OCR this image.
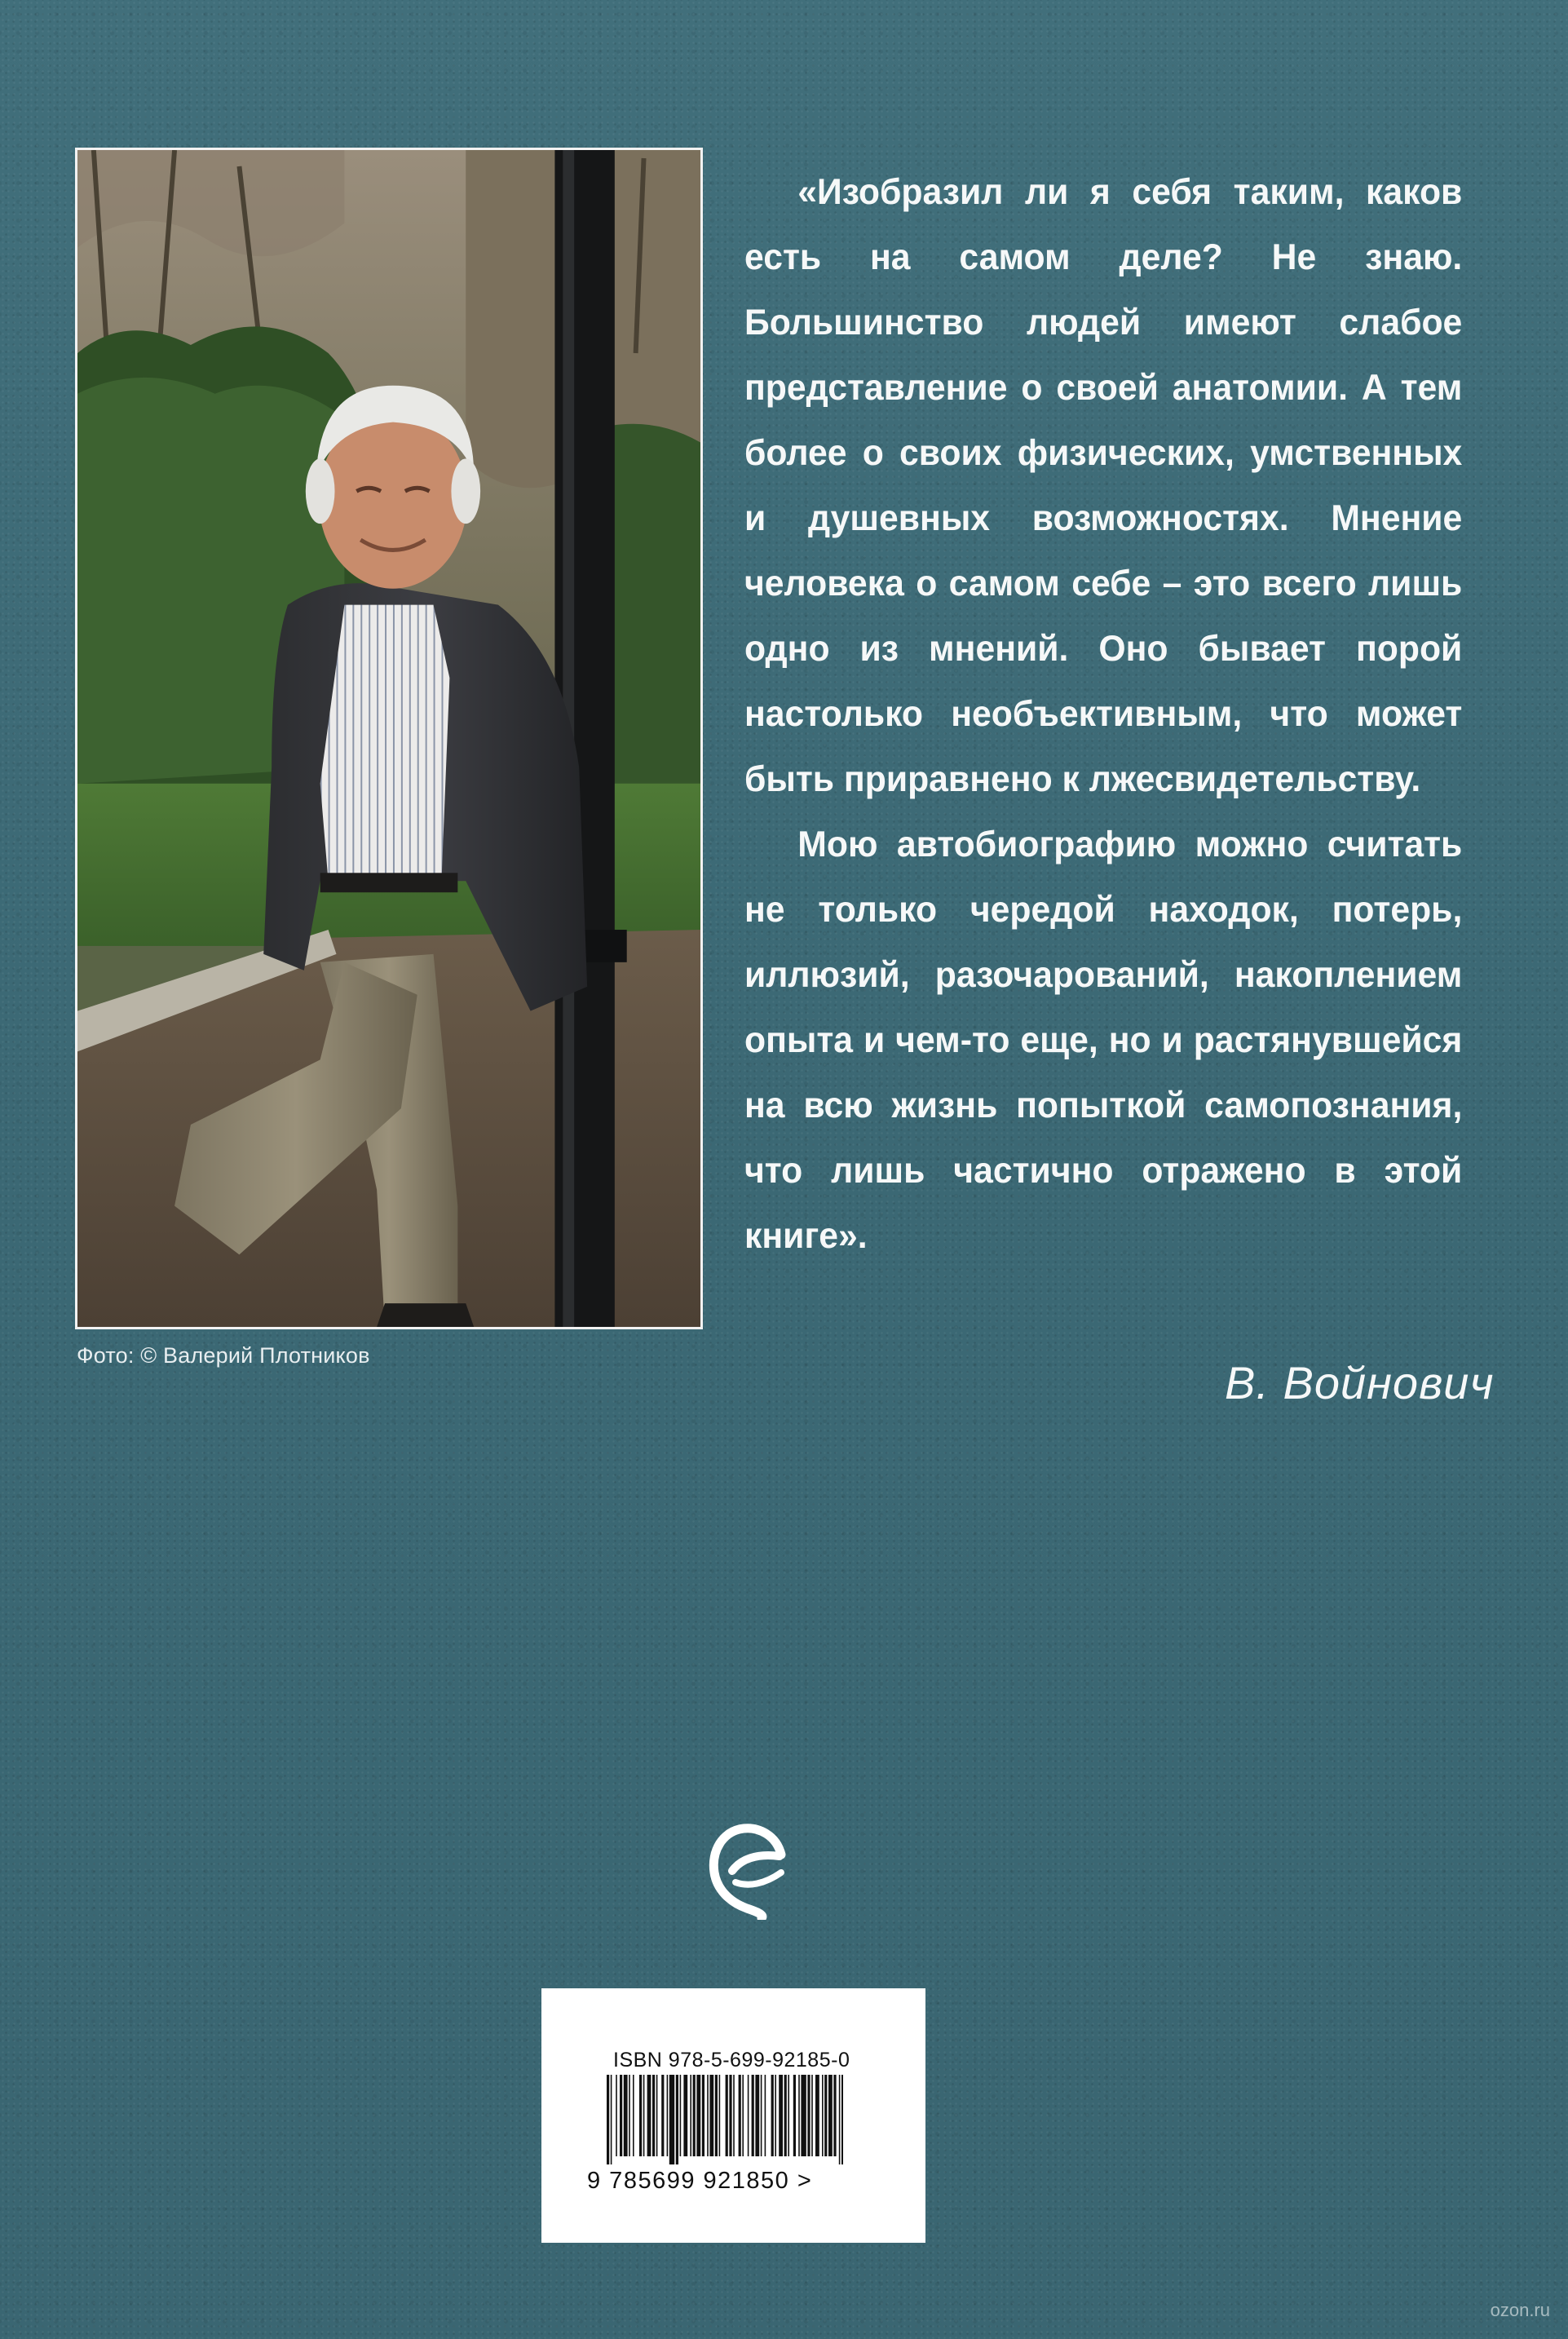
Фото: © Валерий Плотников

«Изобразил ли я себя таким, каков есть на самом деле? Не знаю. Большинство людей имеют слабое представление о своей анатомии. А тем более о своих физических, умственных и душевных возможностях. Мнение человека о самом себе – это всего лишь одно из мнений. Оно бывает порой настолько необъективным, что может быть приравнено к лжесвидетельству.

Мою автобиографию можно считать не только чередой находок, потерь, иллюзий, разочарований, накоплением опыта и чем-то еще, но и растянувшейся на всю жизнь попыткой самопознания, что лишь частично отражено в этой книге».

В. Войнович
ISBN 978-5-699-92185-0
9 785699 921850 >
ozon.ru
